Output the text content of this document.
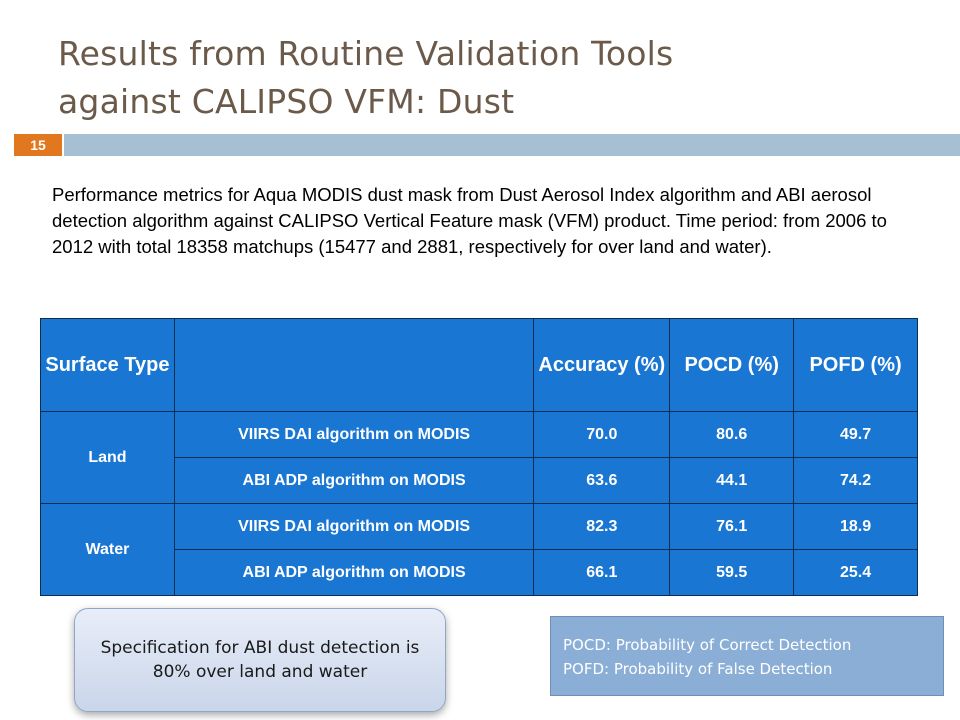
Results from Routine Validation Tools
against CALIPSO VFM: Dust
15
Performance metrics for Aqua MODIS dust mask from Dust Aerosol Index algorithm and ABI aerosol detection algorithm against CALIPSO Vertical Feature mask (VFM) product. Time period: from 2006 to 2012 with total 18358 matchups (15477 and 2881, respectively for over land and water).
Surface Type		Accuracy (%)	POCD (%)	POFD (%)
Land	VIIRS DAI algorithm on MODIS	70.0	80.6	49.7
	ABI ADP algorithm on MODIS	63.6	44.1	74.2
Water	VIIRS DAI algorithm on MODIS	82.3	76.1	18.9
	ABI ADP algorithm on MODIS	66.1	59.5	25.4
Specification for ABI dust detection is 80% over land and water
POCD: Probability of Correct Detection
POFD: Probability of False Detection
